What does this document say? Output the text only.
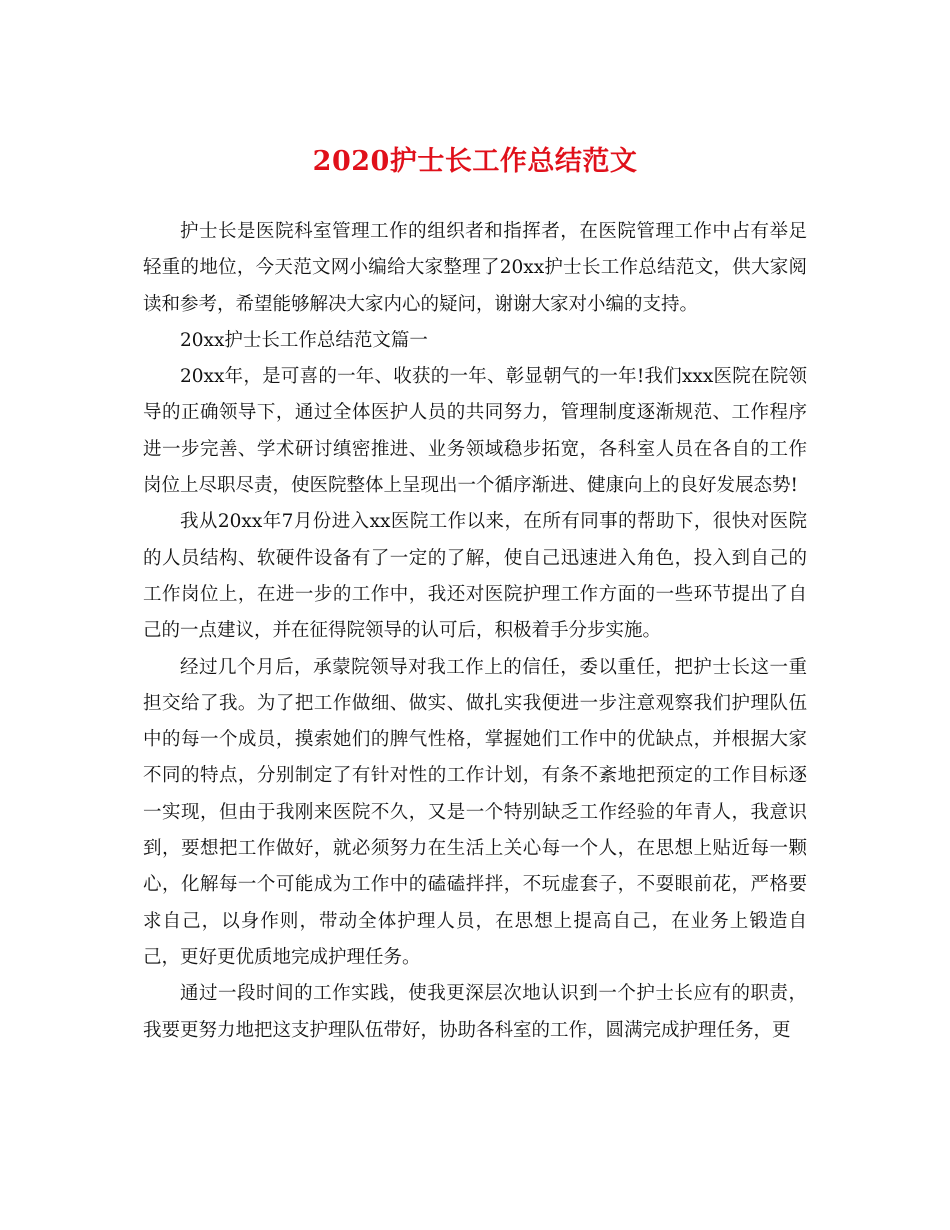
2020护士长工作总结范文

护士长是医院科室管理工作的组织者和指挥者，在医院管理工作中占有举足轻重的地位，今天范文网小编给大家整理了20xx护士长工作总结范文，供大家阅读和参考，希望能够解决大家内心的疑问，谢谢大家对小编的支持。

20xx护士长工作总结范文篇一

20xx年，是可喜的一年、收获的一年、彰显朝气的一年!我们xxx医院在院领导的正确领导下，通过全体医护人员的共同努力，管理制度逐渐规范、工作程序进一步完善、学术研讨缜密推进、业务领域稳步拓宽，各科室人员在各自的工作岗位上尽职尽责，使医院整体上呈现出一个循序渐进、健康向上的良好发展态势!

我从20xx年7月份进入xx医院工作以来，在所有同事的帮助下，很快对医院的人员结构、软硬件设备有了一定的了解，使自己迅速进入角色，投入到自己的工作岗位上，在进一步的工作中，我还对医院护理工作方面的一些环节提出了自己的一点建议，并在征得院领导的认可后，积极着手分步实施。

经过几个月后，承蒙院领导对我工作上的信任，委以重任，把护士长这一重担交给了我。为了把工作做细、做实、做扎实我便进一步注意观察我们护理队伍中的每一个成员，摸索她们的脾气性格，掌握她们工作中的优缺点，并根据大家不同的特点，分别制定了有针对性的工作计划，有条不紊地把预定的工作目标逐一实现，但由于我刚来医院不久，又是一个特别缺乏工作经验的年青人，我意识到，要想把工作做好，就必须努力在生活上关心每一个人，在思想上贴近每一颗心，化解每一个可能成为工作中的磕磕拌拌，不玩虚套子，不耍眼前花，严格要求自己，以身作则，带动全体护理人员，在思想上提高自己，在业务上锻造自己，更好更优质地完成护理任务。

通过一段时间的工作实践，使我更深层次地认识到一个护士长应有的职责，我要更努力地把这支护理队伍带好，协助各科室的工作，圆满完成护理任务，更
